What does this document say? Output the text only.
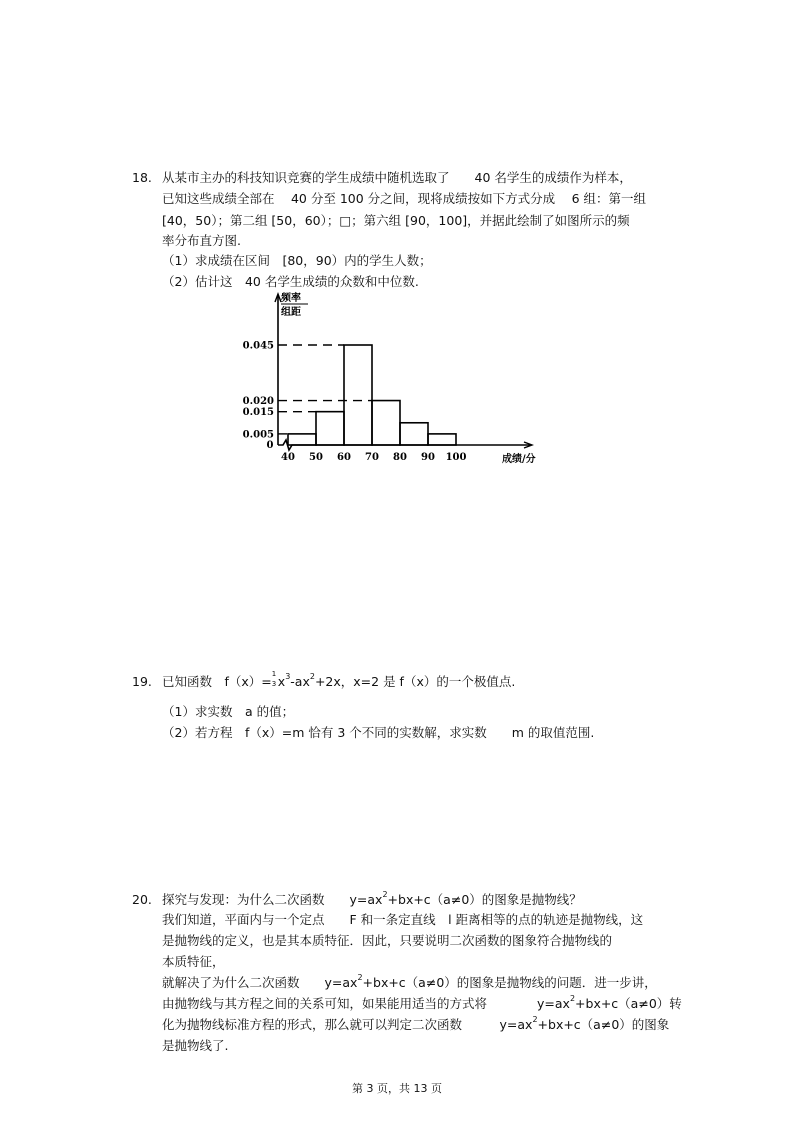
18. 从某市主办的科技知识竞赛的学生成绩中随机选取了　　40 名学生的成绩作为样本，
已知这些成绩全部在　 40 分至 100 分之间，现将成绩按如下方式分成　 6 组：第一组
[40，50）；第二组 [50，60）；□；第六组 [90，100]，并据此绘制了如图所示的频
率分布直方图.
（1）求成绩在区间　[80，90）内的学生人数；
（2）估计这　40 名学生成绩的众数和中位数.
0.045
0.020
0.015
0.005
40 50 60 70 80 90 100
0
成绩/分
频率
组距
19. 已知函数　f（x）= 1
3 $x^3-ax^2+2x$，x=2 是 f（x）的一个极值点.
（1）求实数　a 的值；
（2）若方程　f（x）=m 恰有 3 个不同的实数解，求实数　　m 的取值范围.
20. 探究与发现：为什么二次函数　　$y=ax^2+bx+c(a\ne 0)$的图象是抛物线？
我们知道，平面内与一个定点　　F 和一条定直线　l 距离相等的点的轨迹是抛物线，这
是抛物线的定义，也是其本质特征．因此，只要说明二次函数的图象符合抛物线的
本质特征，
就解决了为什么二次函数　　$y=ax^2+bx+c(a\ne 0)$的图象是抛物线的问题．进一步讲，
由抛物线与其方程之间的关系可知，如果能用适当的方式将　　　　$y=ax^2+bx+c(a\ne 0)$转
化为抛物线标准方程的形式，那么就可以判定二次函数　　　$y=ax^2+bx+c(a\ne 0)$的图象
是抛物线了.
第 3 页，共 13 页
